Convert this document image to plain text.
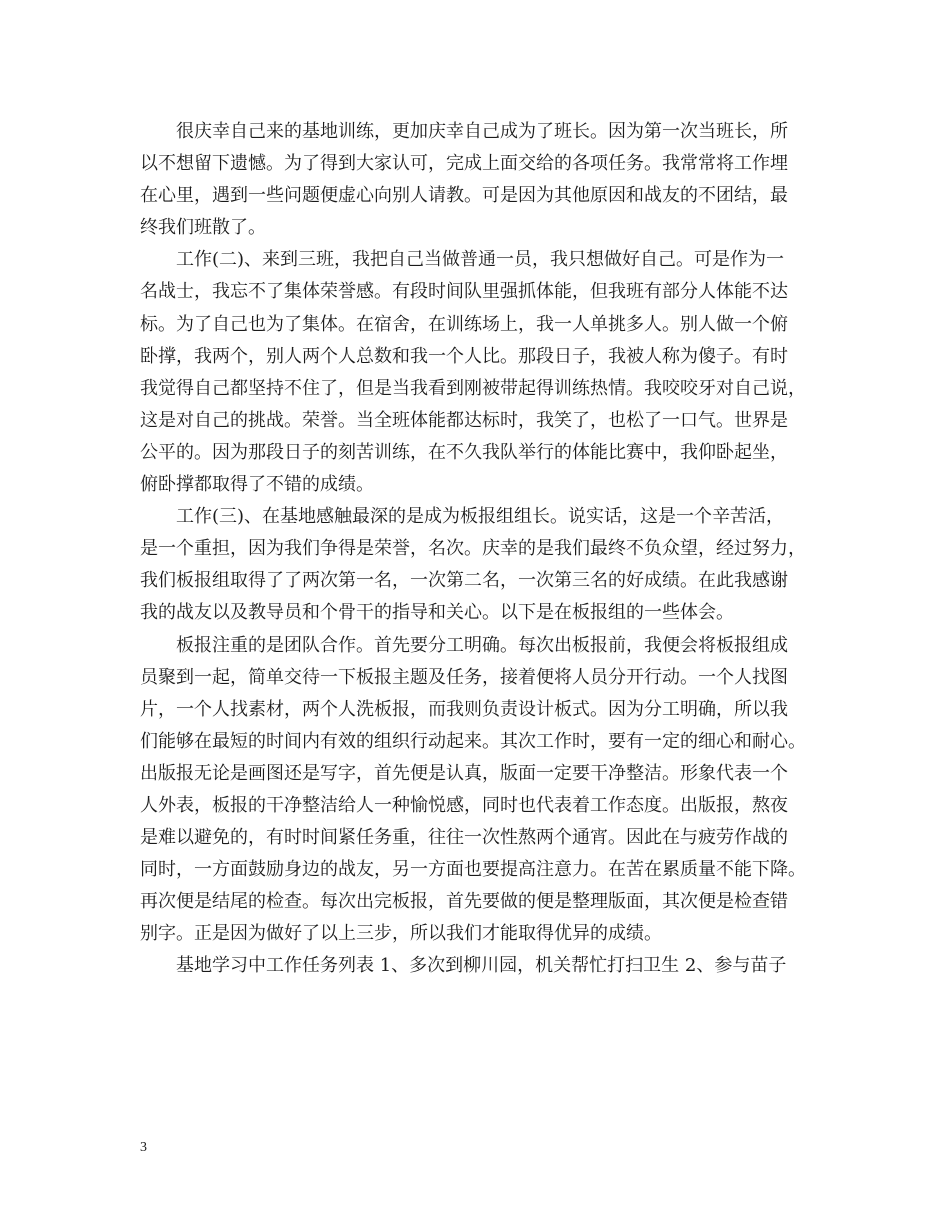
很庆幸自己来的基地训练，更加庆幸自己成为了班长。因为第一次当班长，所
以不想留下遗憾。为了得到大家认可，完成上面交给的各项任务。我常常将工作埋
在心里，遇到一些问题便虚心向别人请教。可是因为其他原因和战友的不团结，最
终我们班散了。
工作(二)、来到三班，我把自己当做普通一员，我只想做好自己。可是作为一
名战士，我忘不了集体荣誉感。有段时间队里强抓体能，但我班有部分人体能不达
标。为了自己也为了集体。在宿舍，在训练场上，我一人单挑多人。别人做一个俯
卧撑，我两个，别人两个人总数和我一个人比。那段日子，我被人称为傻子。有时
我觉得自己都坚持不住了，但是当我看到刚被带起得训练热情。我咬咬牙对自己说，
这是对自己的挑战。荣誉。当全班体能都达标时，我笑了，也松了一口气。世界是
公平的。因为那段日子的刻苦训练，在不久我队举行的体能比赛中，我仰卧起坐，
俯卧撑都取得了不错的成绩。
工作(三)、在基地感触最深的是成为板报组组长。说实话，这是一个辛苦活，
是一个重担，因为我们争得是荣誉，名次。庆幸的是我们最终不负众望，经过努力，
我们板报组取得了了两次第一名，一次第二名，一次第三名的好成绩。在此我感谢
我的战友以及教导员和个骨干的指导和关心。以下是在板报组的一些体会。
板报注重的是团队合作。首先要分工明确。每次出板报前，我便会将板报组成
员聚到一起，简单交待一下板报主题及任务，接着便将人员分开行动。一个人找图
片，一个人找素材，两个人洗板报，而我则负责设计板式。因为分工明确，所以我
们能够在最短的时间内有效的组织行动起来。其次工作时，要有一定的细心和耐心。
出版报无论是画图还是写字，首先便是认真，版面一定要干净整洁。形象代表一个
人外表，板报的干净整洁给人一种愉悦感，同时也代表着工作态度。出版报，熬夜
是难以避免的，有时时间紧任务重，往往一次性熬两个通宵。因此在与疲劳作战的
同时，一方面鼓励身边的战友，另一方面也要提高注意力。在苦在累质量不能下降。
再次便是结尾的检查。每次出完板报，首先要做的便是整理版面，其次便是检查错
别字。正是因为做好了以上三步，所以我们才能取得优异的成绩。
基地学习中工作任务列表 1、多次到柳川园，机关帮忙打扫卫生 2、参与苗子
3
